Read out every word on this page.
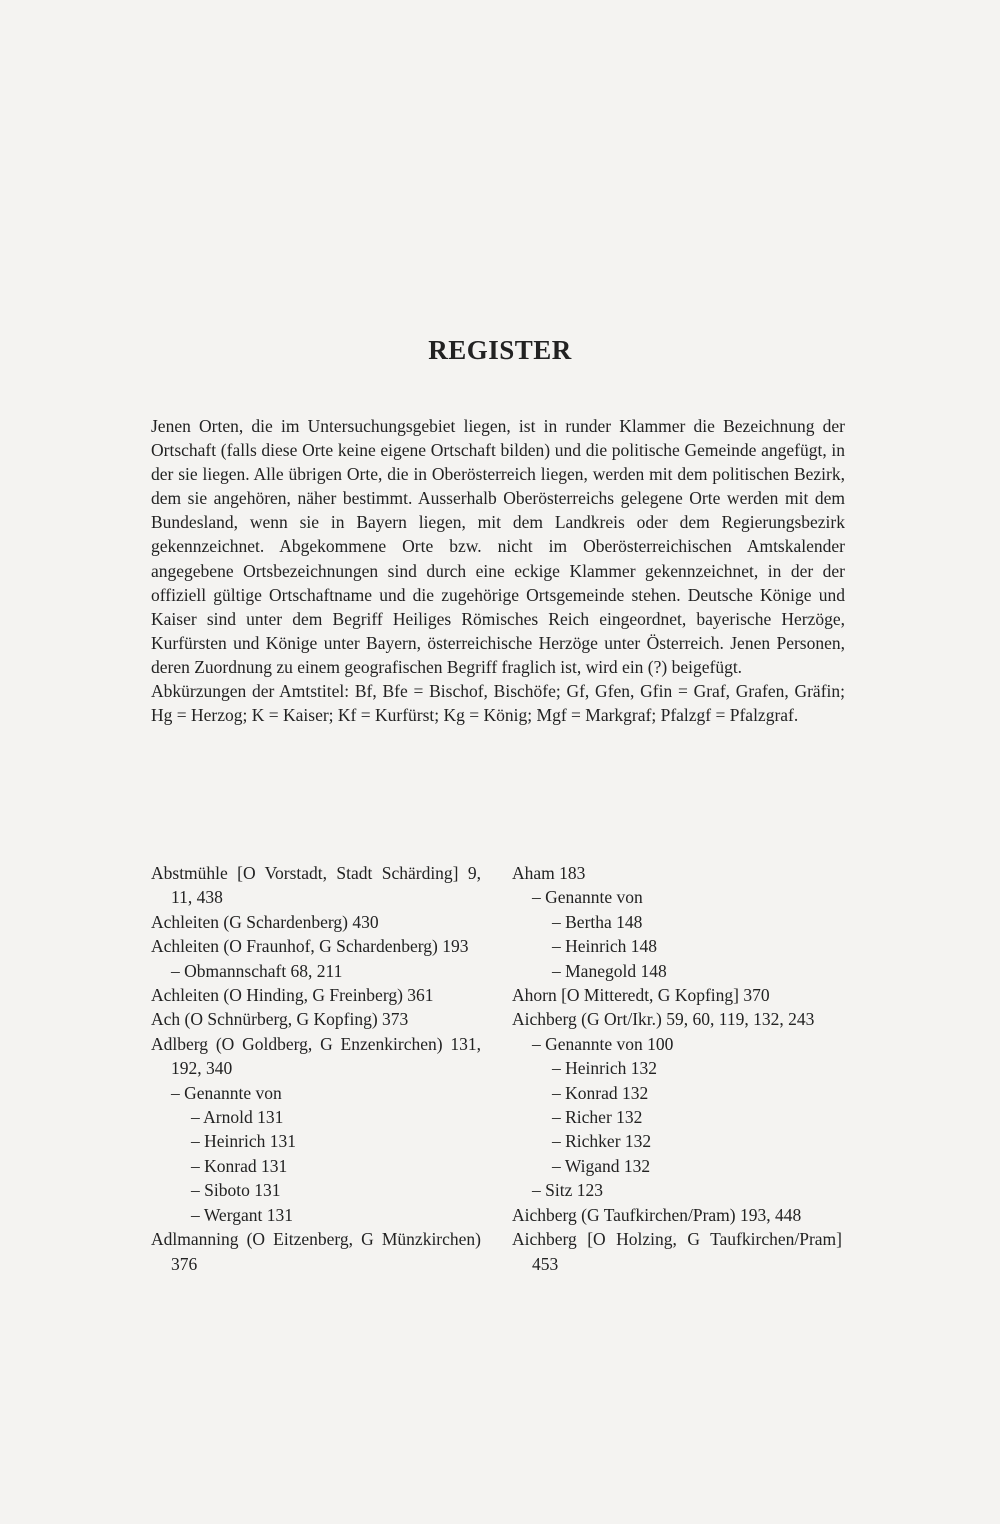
REGISTER

Jenen Orten, die im Untersuchungsgebiet liegen, ist in runder Klammer die Bezeichnung der Ortschaft (falls diese Orte keine eigene Ortschaft bilden) und die politische Gemeinde angefügt, in der sie liegen. Alle übrigen Orte, die in Oberösterreich liegen, werden mit dem politischen Bezirk, dem sie angehören, näher bestimmt. Ausserhalb Oberösterreichs gelegene Orte werden mit dem Bundesland, wenn sie in Bayern liegen, mit dem Landkreis oder dem Regierungsbezirk gekennzeichnet. Abgekommene Orte bzw. nicht im Oberösterreichischen Amtskalender angegebene Ortsbezeichnungen sind durch eine eckige Klammer gekennzeichnet, in der der offiziell gültige Ortschaftname und die zugehörige Ortsgemeinde stehen. Deutsche Könige und Kaiser sind unter dem Begriff Heiliges Römisches Reich eingeordnet, bayerische Herzöge, Kurfürsten und Könige unter Bayern, österreichische Herzöge unter Österreich. Jenen Personen, deren Zuordnung zu einem geografischen Begriff fraglich ist, wird ein (?) beigefügt.

Abkürzungen der Amtstitel: Bf, Bfe = Bischof, Bischöfe; Gf, Gfen, Gfin = Graf, Grafen, Gräfin; Hg = Herzog; K = Kaiser; Kf = Kurfürst; Kg = König; Mgf = Markgraf; Pfalzgf = Pfalzgraf.

Abstmühle [O Vorstadt, Stadt Schärding] 9, 11, 438
Achleiten (G Schardenberg) 430
Achleiten (O Fraunhof, G Schardenberg) 193
– Obmannschaft 68, 211
Achleiten (O Hinding, G Freinberg) 361
Ach (O Schnürberg, G Kopfing) 373
Adlberg (O Goldberg, G Enzenkirchen) 131, 192, 340
– Genannte von
– Arnold 131
– Heinrich 131
– Konrad 131
– Siboto 131
– Wergant 131
Adlmanning (O Eitzenberg, G Münzkirchen) 376
Aham 183
– Genannte von
– Bertha 148
– Heinrich 148
– Manegold 148
Ahorn [O Mitteredt, G Kopfing] 370
Aichberg (G Ort/Ikr.) 59, 60, 119, 132, 243
– Genannte von 100
– Heinrich 132
– Konrad 132
– Richer 132
– Richker 132
– Wigand 132
– Sitz 123
Aichberg (G Taufkirchen/Pram) 193, 448
Aichberg [O Holzing, G Taufkirchen/Pram] 453
